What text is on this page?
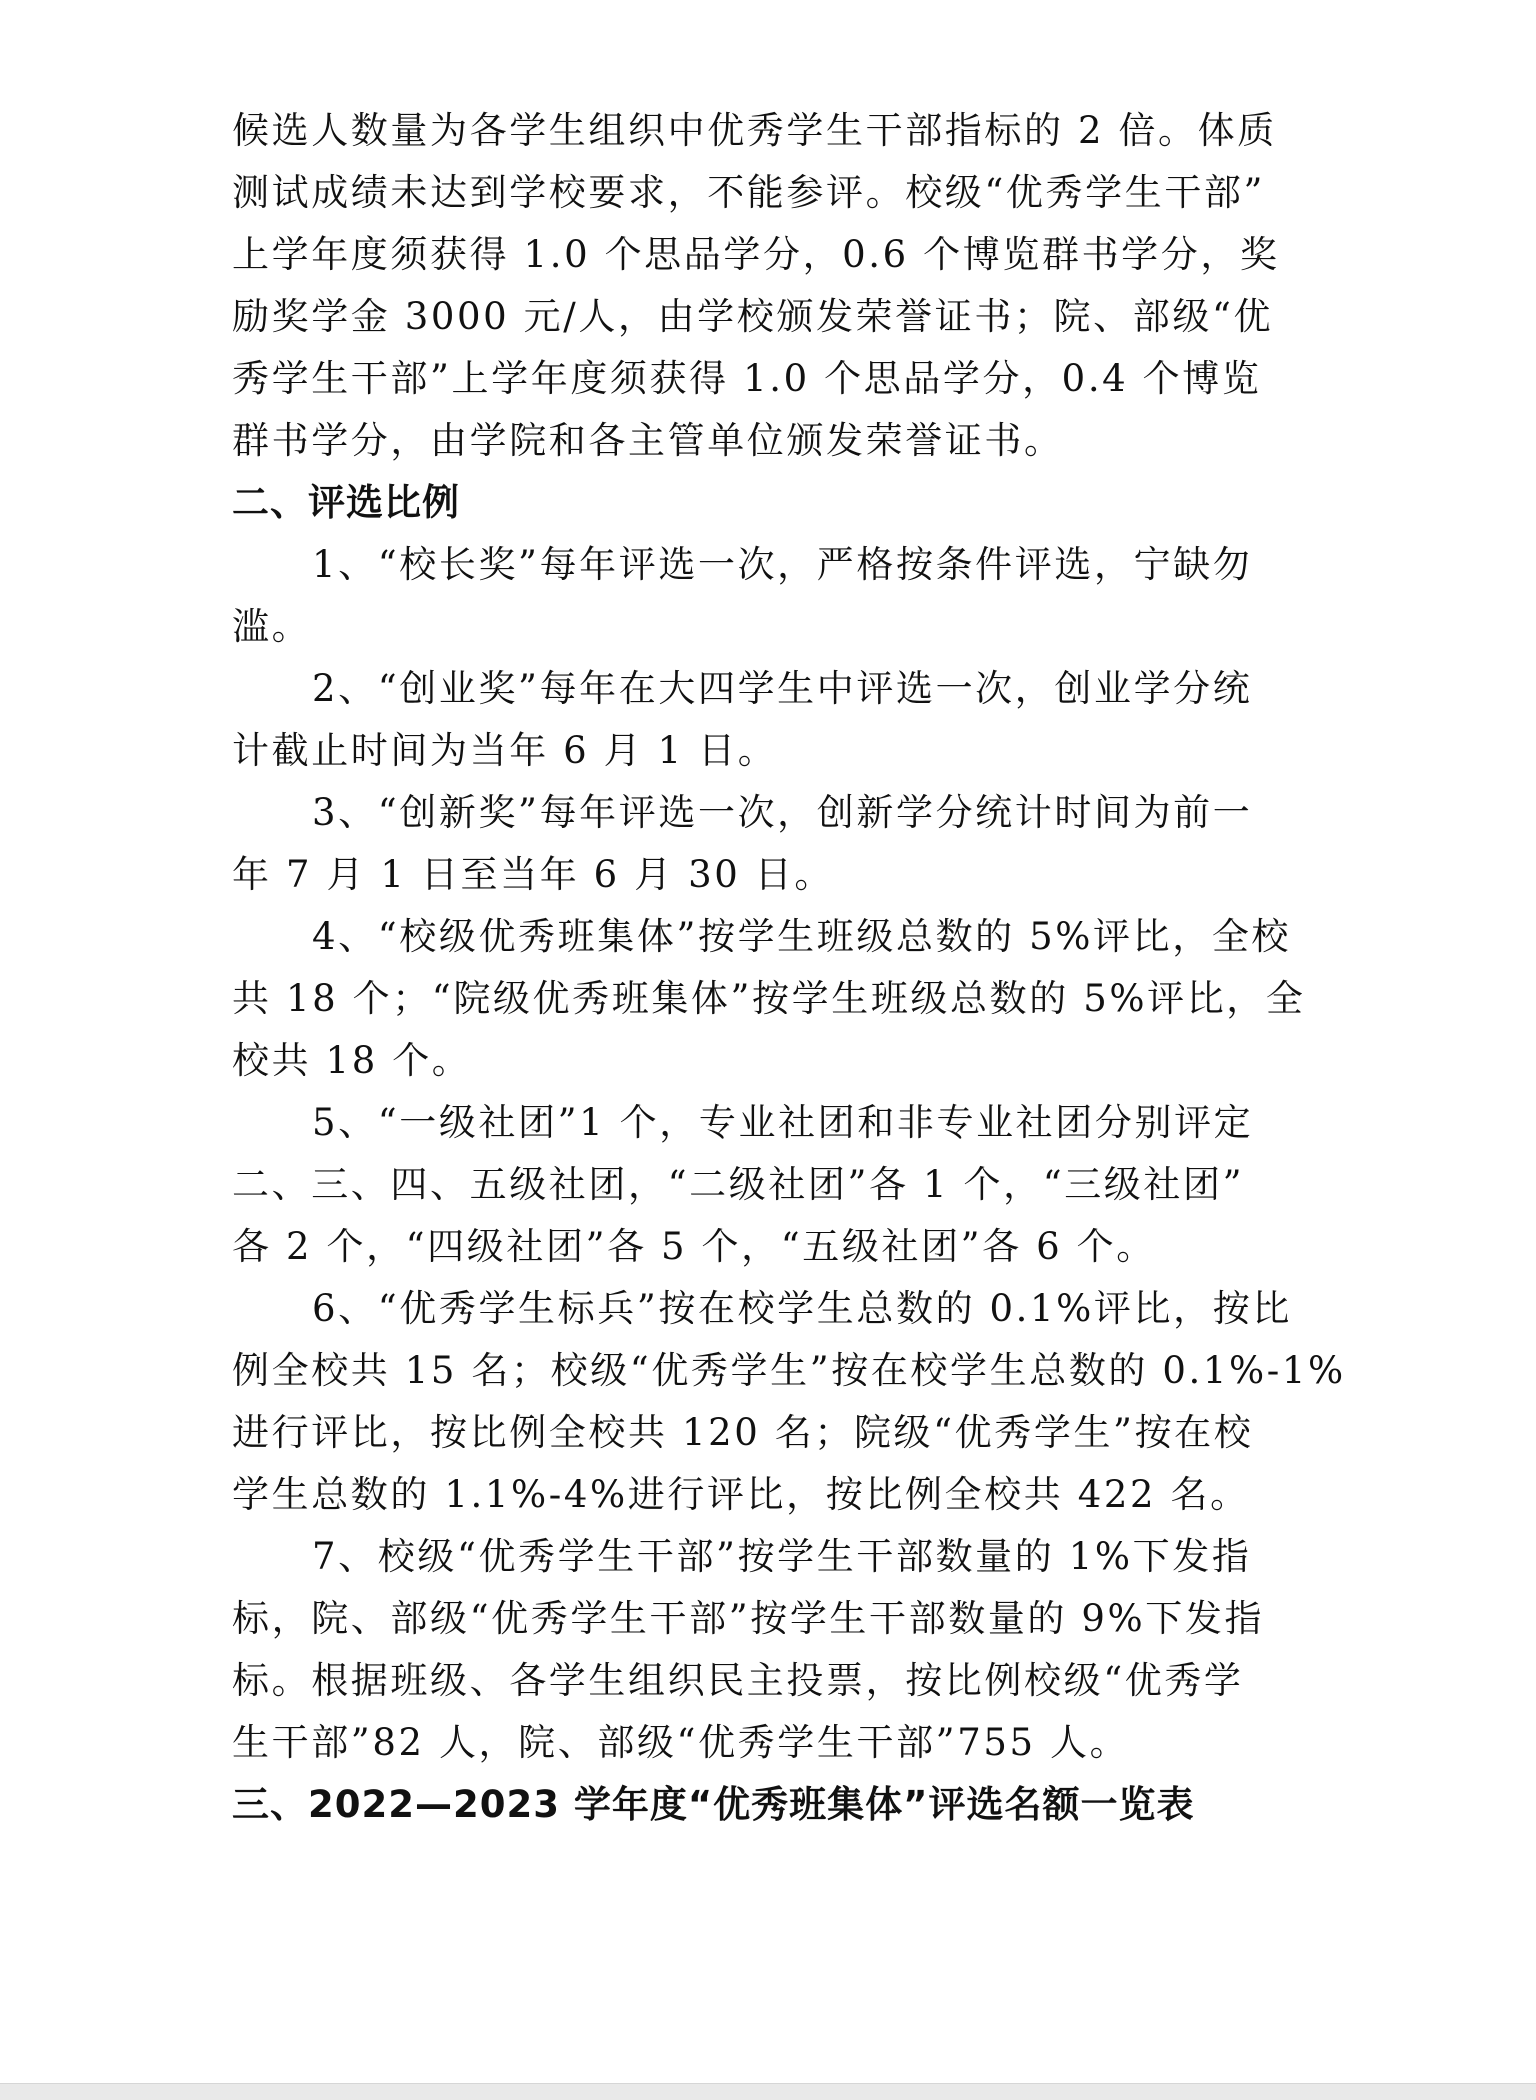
候选人数量为各学生组织中优秀学生干部指标的 2 倍。体质
测试成绩未达到学校要求，不能参评。校级“优秀学生干部”
上学年度须获得 1.0 个思品学分，0.6 个博览群书学分，奖
励奖学金 3000 元/人，由学校颁发荣誉证书；院、部级“优
秀学生干部”上学年度须获得 1.0 个思品学分，0.4 个博览
群书学分，由学院和各主管单位颁发荣誉证书。
二、评选比例
1、“校长奖”每年评选一次，严格按条件评选，宁缺勿
滥。
2、“创业奖”每年在大四学生中评选一次，创业学分统
计截止时间为当年 6 月 1 日。
3、“创新奖”每年评选一次，创新学分统计时间为前一
年 7 月 1 日至当年 6 月 30 日。
4、“校级优秀班集体”按学生班级总数的 5%评比，全校
共 18 个；“院级优秀班集体”按学生班级总数的 5%评比，全
校共 18 个。
5、“一级社团”1 个，专业社团和非专业社团分别评定
二、三、四、五级社团，“二级社团”各 1 个，“三级社团”
各 2 个，“四级社团”各 5 个，“五级社团”各 6 个。
6、“优秀学生标兵”按在校学生总数的 0.1%评比，按比
例全校共 15 名；校级“优秀学生”按在校学生总数的 0.1%-1%
进行评比，按比例全校共 120 名；院级“优秀学生”按在校
学生总数的 1.1%-4%进行评比，按比例全校共 422 名。
7、校级“优秀学生干部”按学生干部数量的 1%下发指
标，院、部级“优秀学生干部”按学生干部数量的 9%下发指
标。根据班级、各学生组织民主投票，按比例校级“优秀学
生干部”82 人，院、部级“优秀学生干部”755 人。
三、2022—2023 学年度“优秀班集体”评选名额一览表
